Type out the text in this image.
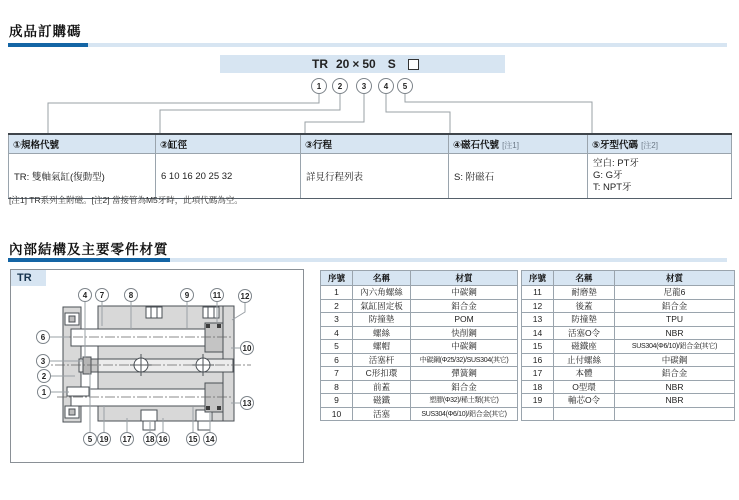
成品訂購碼
TR 20 × 50 S
1 2 3 4 5
①規格代號	②缸徑	③行程	④磁石代號 [注1]	⑤牙型代碼 [注2]
TR: 雙軸氣缸(復動型)	6 10 16 20 25 32	詳見行程列表	S: 附磁石	空白: PT牙
G: G牙
T: NPT牙
[注1] TR系列全附磁。[注2] 當接管為M5牙時，此項代碼為空。
內部結構及主要零件材質
4 7	8	9	11 12
6
3
2
1
10
13
5 19 17 18 16	15 14
TR	序號	名稱	材質
1	內六角螺絲	中碳鋼
2	氣缸固定板	鋁合金
3	防撞墊	POM
4	螺絲	快削鋼
5	螺帽	中碳鋼
6	活塞杆	中碳鋼(Φ25/32)/SUS304(其它)
7	C形扣環	彈簧鋼
8	前蓋	鋁合金
9	磁鐵	塑膠(Φ32)/稀土類(其它)
10	活塞	SUS304(Φ6/10)/鋁合金(其它)
序號	名稱	材質
11	耐磨墊	尼龍6
12	後蓋	鋁合金
13	防撞墊	TPU
14	活塞O令	NBR
15	磁鐵座	SUS304(Φ6/10)/鋁合金(其它)
16	止付螺絲	中碳鋼
17	本體	鋁合金
18	O型環	NBR
19	軸芯O令	NBR
